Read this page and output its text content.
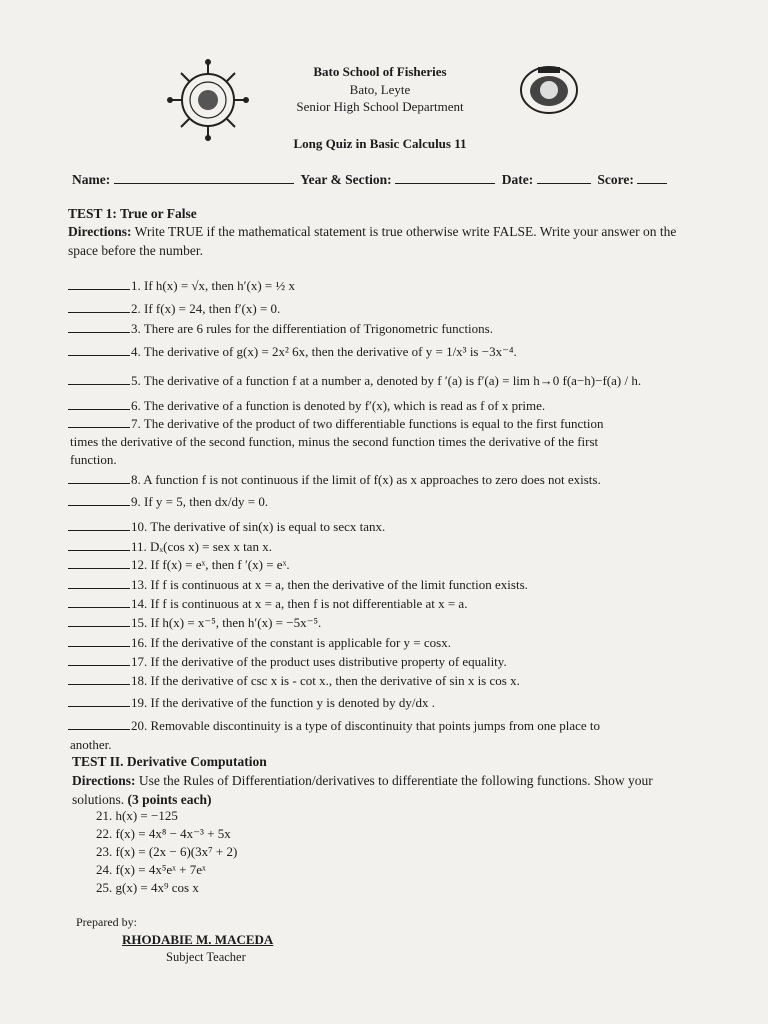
Bato School of Fisheries
Bato, Leyte
Senior High School Department
Long Quiz in Basic Calculus 11
Name:	Year & Section:	Date:	Score:
TEST 1: True or False
Directions: Write TRUE if the mathematical statement is true otherwise write FALSE. Write your answer on the space before the number.
1. If h(x) = √x, then h′(x) = ½ x
2. If f(x) = 24, then f′(x) = 0.
3. There are 6 rules for the differentiation of Trigonometric functions.
4. The derivative of g(x) = 2x² 6x, then the derivative of y = 1/x³ is −3x⁻⁴.
5. The derivative of a function f at a number a, denoted by f ′(a) is f′(a) = lim h→0 f(a−h)−f(a) / h.
6. The derivative of a function is denoted by f′(x), which is read as f of x prime.
7. The derivative of the product of two differentiable functions is equal to the first function
times the derivative of the second function, minus the second function times the derivative of the first
function.
8. A function f is not continuous if the limit of f(x) as x approaches to zero does not exists.
9. If y = 5, then dx/dy = 0.
10. The derivative of sin(x) is equal to secx tanx.
11. Dₓ(cos x) = sex x tan x.
12. If f(x) = eˣ, then f ′(x) = eˣ.
13. If f is continuous at x = a, then the derivative of the limit function exists.
14. If f is continuous at x = a, then f is not differentiable at x = a.
15. If h(x) = x⁻⁵, then h′(x) = −5x⁻⁵.
16. If the derivative of the constant is applicable for y = cosx.
17. If the derivative of the product uses distributive property of equality.
18. If the derivative of csc x is - cot x., then the derivative of sin x is cos x.
19. If the derivative of the function y is denoted by dy/dx .
20. Removable discontinuity is a type of discontinuity that points jumps from one place to
another.
TEST II. Derivative Computation
Directions: Use the Rules of Differentiation/derivatives to differentiate the following functions. Show your solutions. (3 points each)
21. h(x) = −125
22. f(x) = 4x⁸ − 4x⁻³ + 5x
23. f(x) = (2x − 6)(3x⁷ + 2)
24. f(x) = 4x⁵eˣ + 7eˣ
25. g(x) = 4x⁹ cos x
Prepared by:
RHODABIE M. MACEDA
Subject Teacher
